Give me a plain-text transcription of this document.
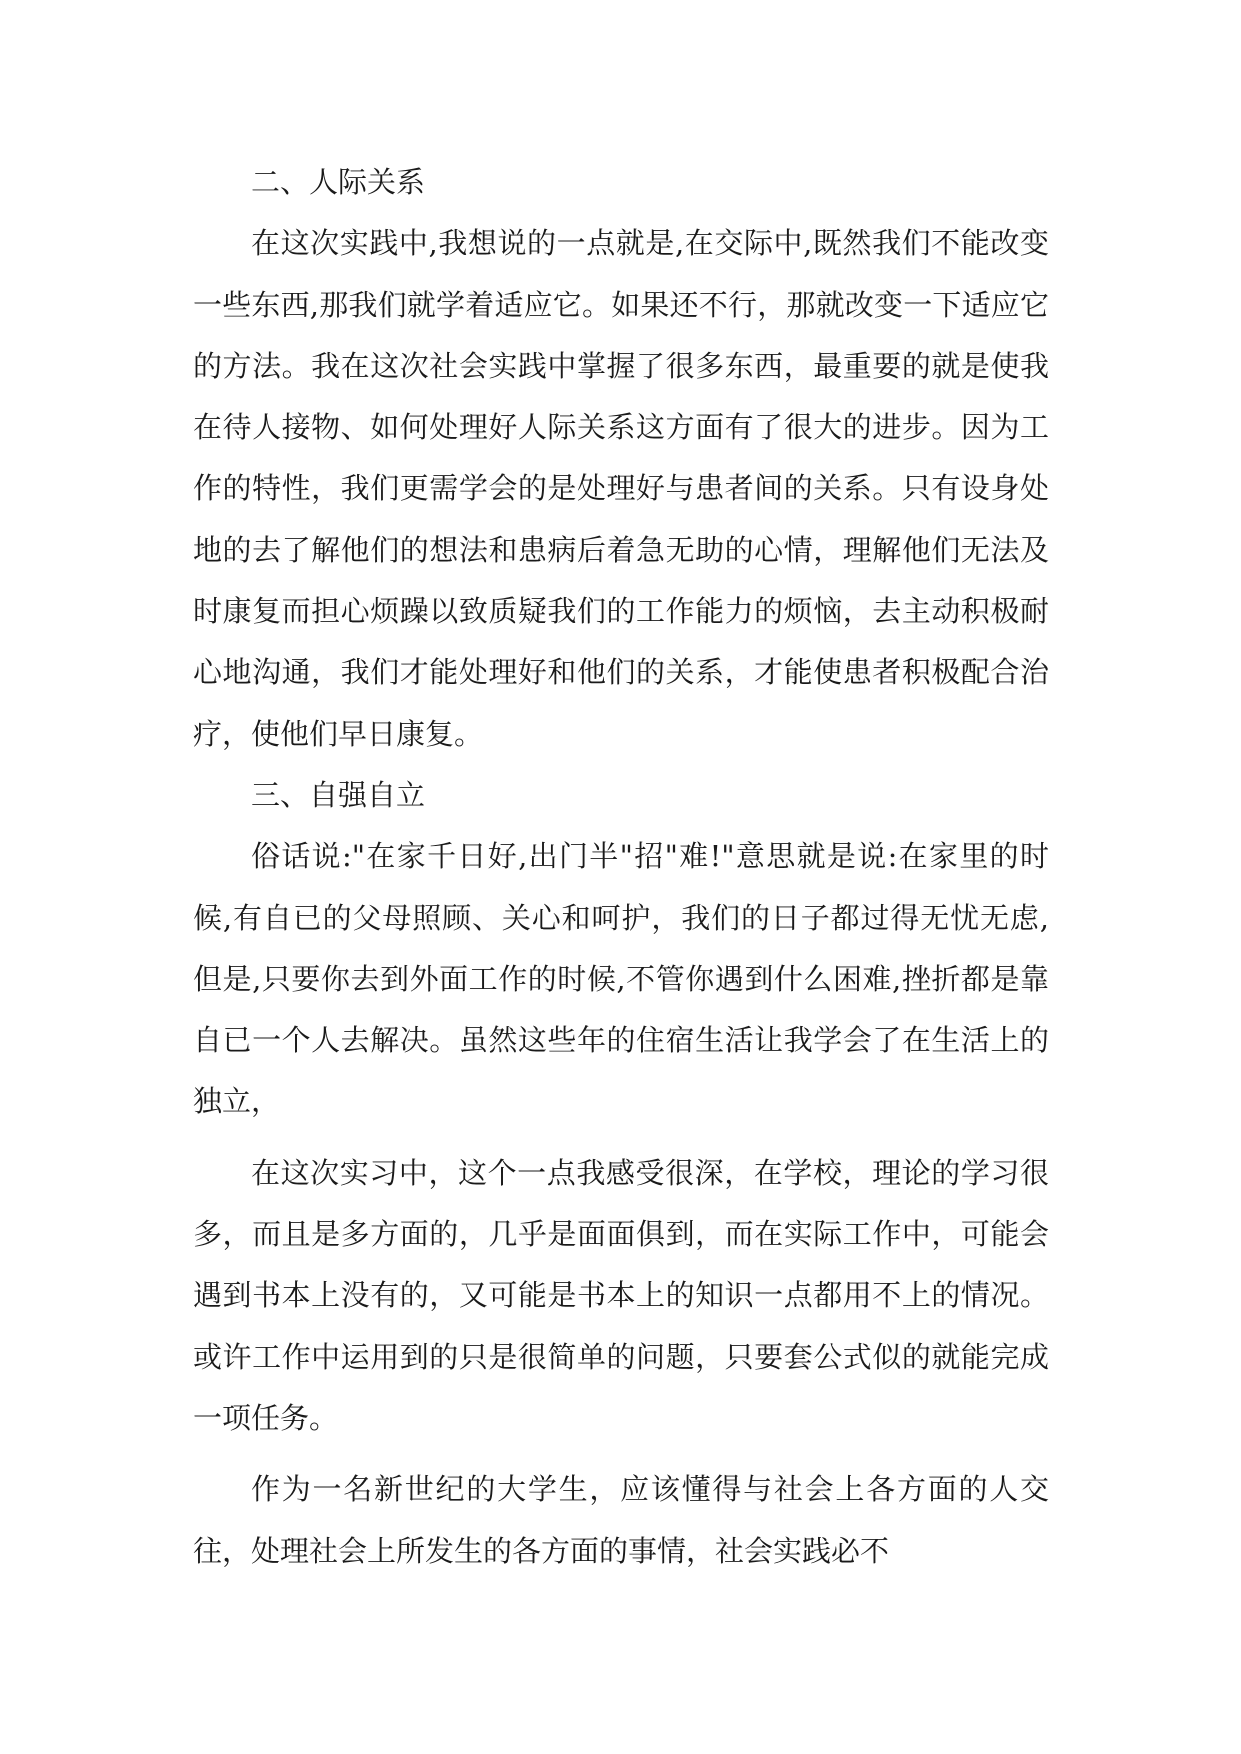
二、人际关系

在这次实践中,我想说的一点就是,在交际中,既然我们不能改变一些东西,那我们就学着适应它。如果还不行，那就改变一下适应它的方法。我在这次社会实践中掌握了很多东西，最重要的就是使我在待人接物、如何处理好人际关系这方面有了很大的进步。因为工作的特性，我们更需学会的是处理好与患者间的关系。只有设身处地的去了解他们的想法和患病后着急无助的心情，理解他们无法及时康复而担心烦躁以致质疑我们的工作能力的烦恼，去主动积极耐心地沟通，我们才能处理好和他们的关系，才能使患者积极配合治疗，使他们早日康复。

三、自强自立

俗话说:"在家千日好,出门半"招"难!"意思就是说:在家里的时候,有自已的父母照顾、关心和呵护，我们的日子都过得无忧无虑,但是,只要你去到外面工作的时候,不管你遇到什么困难,挫折都是靠自已一个人去解决。虽然这些年的住宿生活让我学会了在生活上的独立，

在这次实习中，这个一点我感受很深，在学校，理论的学习很多，而且是多方面的，几乎是面面俱到，而在实际工作中，可能会遇到书本上没有的，又可能是书本上的知识一点都用不上的情况。或许工作中运用到的只是很简单的问题，只要套公式似的就能完成一项任务。

作为一名新世纪的大学生，应该懂得与社会上各方面的人交往，处理社会上所发生的各方面的事情，社会实践必不
